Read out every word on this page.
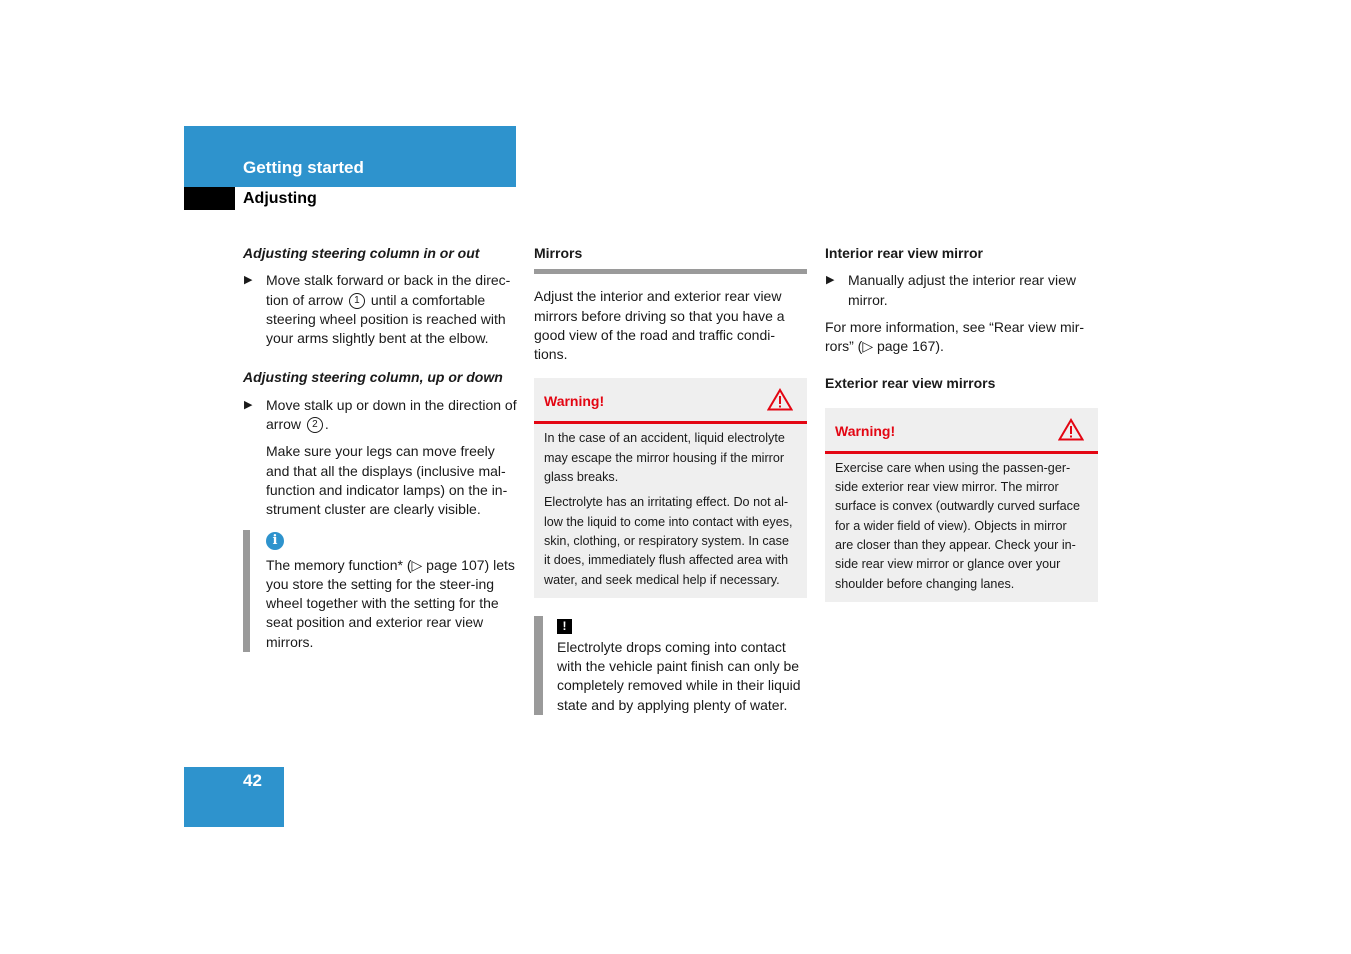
Getting started
Adjusting
Adjusting steering column in or out
▶ Move stalk forward or back in the direc-tion of arrow 1 until a comfortable steering wheel position is reached with your arms slightly bent at the elbow.
Adjusting steering column, up or down
▶ Move stalk up or down in the direction of arrow 2 .

Make sure your legs can move freely and that all the displays (inclusive mal-function and indicator lamps) on the in-strument cluster are clearly visible.

i
The memory function* (▷ page 107) lets you store the setting for the steer-ing wheel together with the setting for the seat position and exterior rear view mirrors.
Mirrors

Adjust the interior and exterior rear view mirrors before driving so that you have a good view of the road and traffic condi-tions.

Warning!

In the case of an accident, liquid electrolyte may escape the mirror housing if the mirror glass breaks.

Electrolyte has an irritating effect. Do not al-low the liquid to come into contact with eyes, skin, clothing, or respiratory system. In case it does, immediately flush affected area with water, and seek medical help if necessary.

!
Electrolyte drops coming into contact with the vehicle paint finish can only be completely removed while in their liquid state and by applying plenty of water.
Interior rear view mirror
▶ Manually adjust the interior rear view mirror.

For more information, see “Rear view mir-rors” (▷ page 167).

Exterior rear view mirrors
Warning!

Exercise care when using the passen-ger-side exterior rear view mirror. The mirror surface is convex (outwardly curved surface for a wider field of view). Objects in mirror are closer than they appear. Check your in-side rear view mirror or glance over your shoulder before changing lanes.

42
